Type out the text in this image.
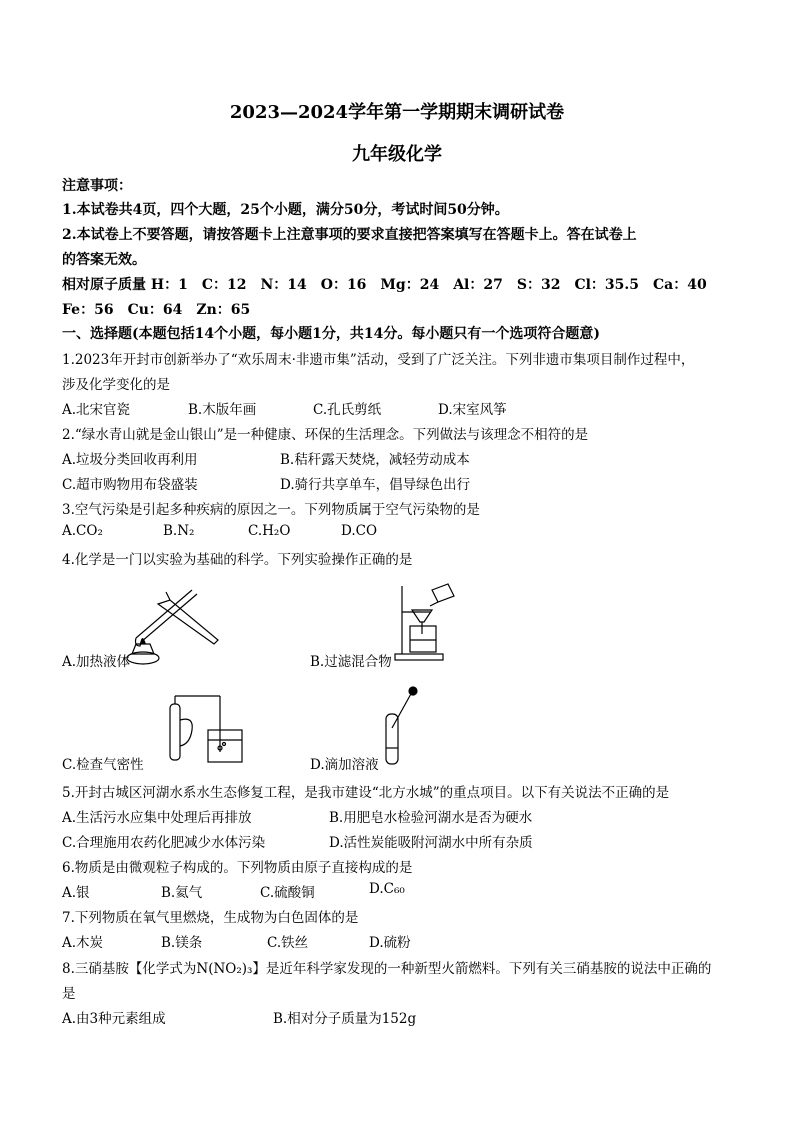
2023—2024学年第一学期期末调研试卷
九年级化学
注意事项：
1.本试卷共4页，四个大题，25个小题，满分50分，考试时间50分钟。
2.本试卷上不要答题，请按答题卡上注意事项的要求直接把答案填写在答题卡上。答在试卷上
的答案无效。
相对原子质量 H：1　C：12　N：14　O：16　Mg：24　Al：27　S：32　Cl：35.5　Ca：40
Fe：56　Cu：64　Zn：65
一、选择题(本题包括14个小题，每小题1分，共14分。每小题只有一个选项符合题意)
1.2023年开封市创新举办了“欢乐周末·非遗市集”活动，受到了广泛关注。下列非遗市集项目制作过程中，
涉及化学变化的是
A.北宋官瓷	B.木版年画	C.孔氏剪纸	D.宋室风筝
2.“绿水青山就是金山银山”是一种健康、环保的生活理念。下列做法与该理念不相符的是
A.垃圾分类回收再利用	B.秸秆露天焚烧，减轻劳动成本
C.超市购物用布袋盛装	D.骑行共享单车，倡导绿色出行
3.空气污染是引起多种疾病的原因之一。下列物质属于空气污染物的是
A.CO₂	B.N₂	C.H₂O	D.CO
4.化学是一门以实验为基础的科学。下列实验操作正确的是
A.加热液体	B.过滤混合物
C.检查气密性	D.滴加溶液
5.开封古城区河湖水系水生态修复工程，是我市建设“北方水城”的重点项目。以下有关说法不正确的是
A.生活污水应集中处理后再排放	B.用肥皂水检验河湖水是否为硬水
C.合理施用农药化肥减少水体污染	D.活性炭能吸附河湖水中所有杂质
6.物质是由微观粒子构成的。下列物质由原子直接构成的是
A.银	B.氦气	C.硫酸铜	D.C₆₀
7.下列物质在氧气里燃烧，生成物为白色固体的是
A.木炭	B.镁条	C.铁丝	D.硫粉
8.三硝基胺【化学式为N(NO₂)₃】是近年科学家发现的一种新型火箭燃料。下列有关三硝基胺的说法中正确的
是
A.由3种元素组成	B.相对分子质量为152g
